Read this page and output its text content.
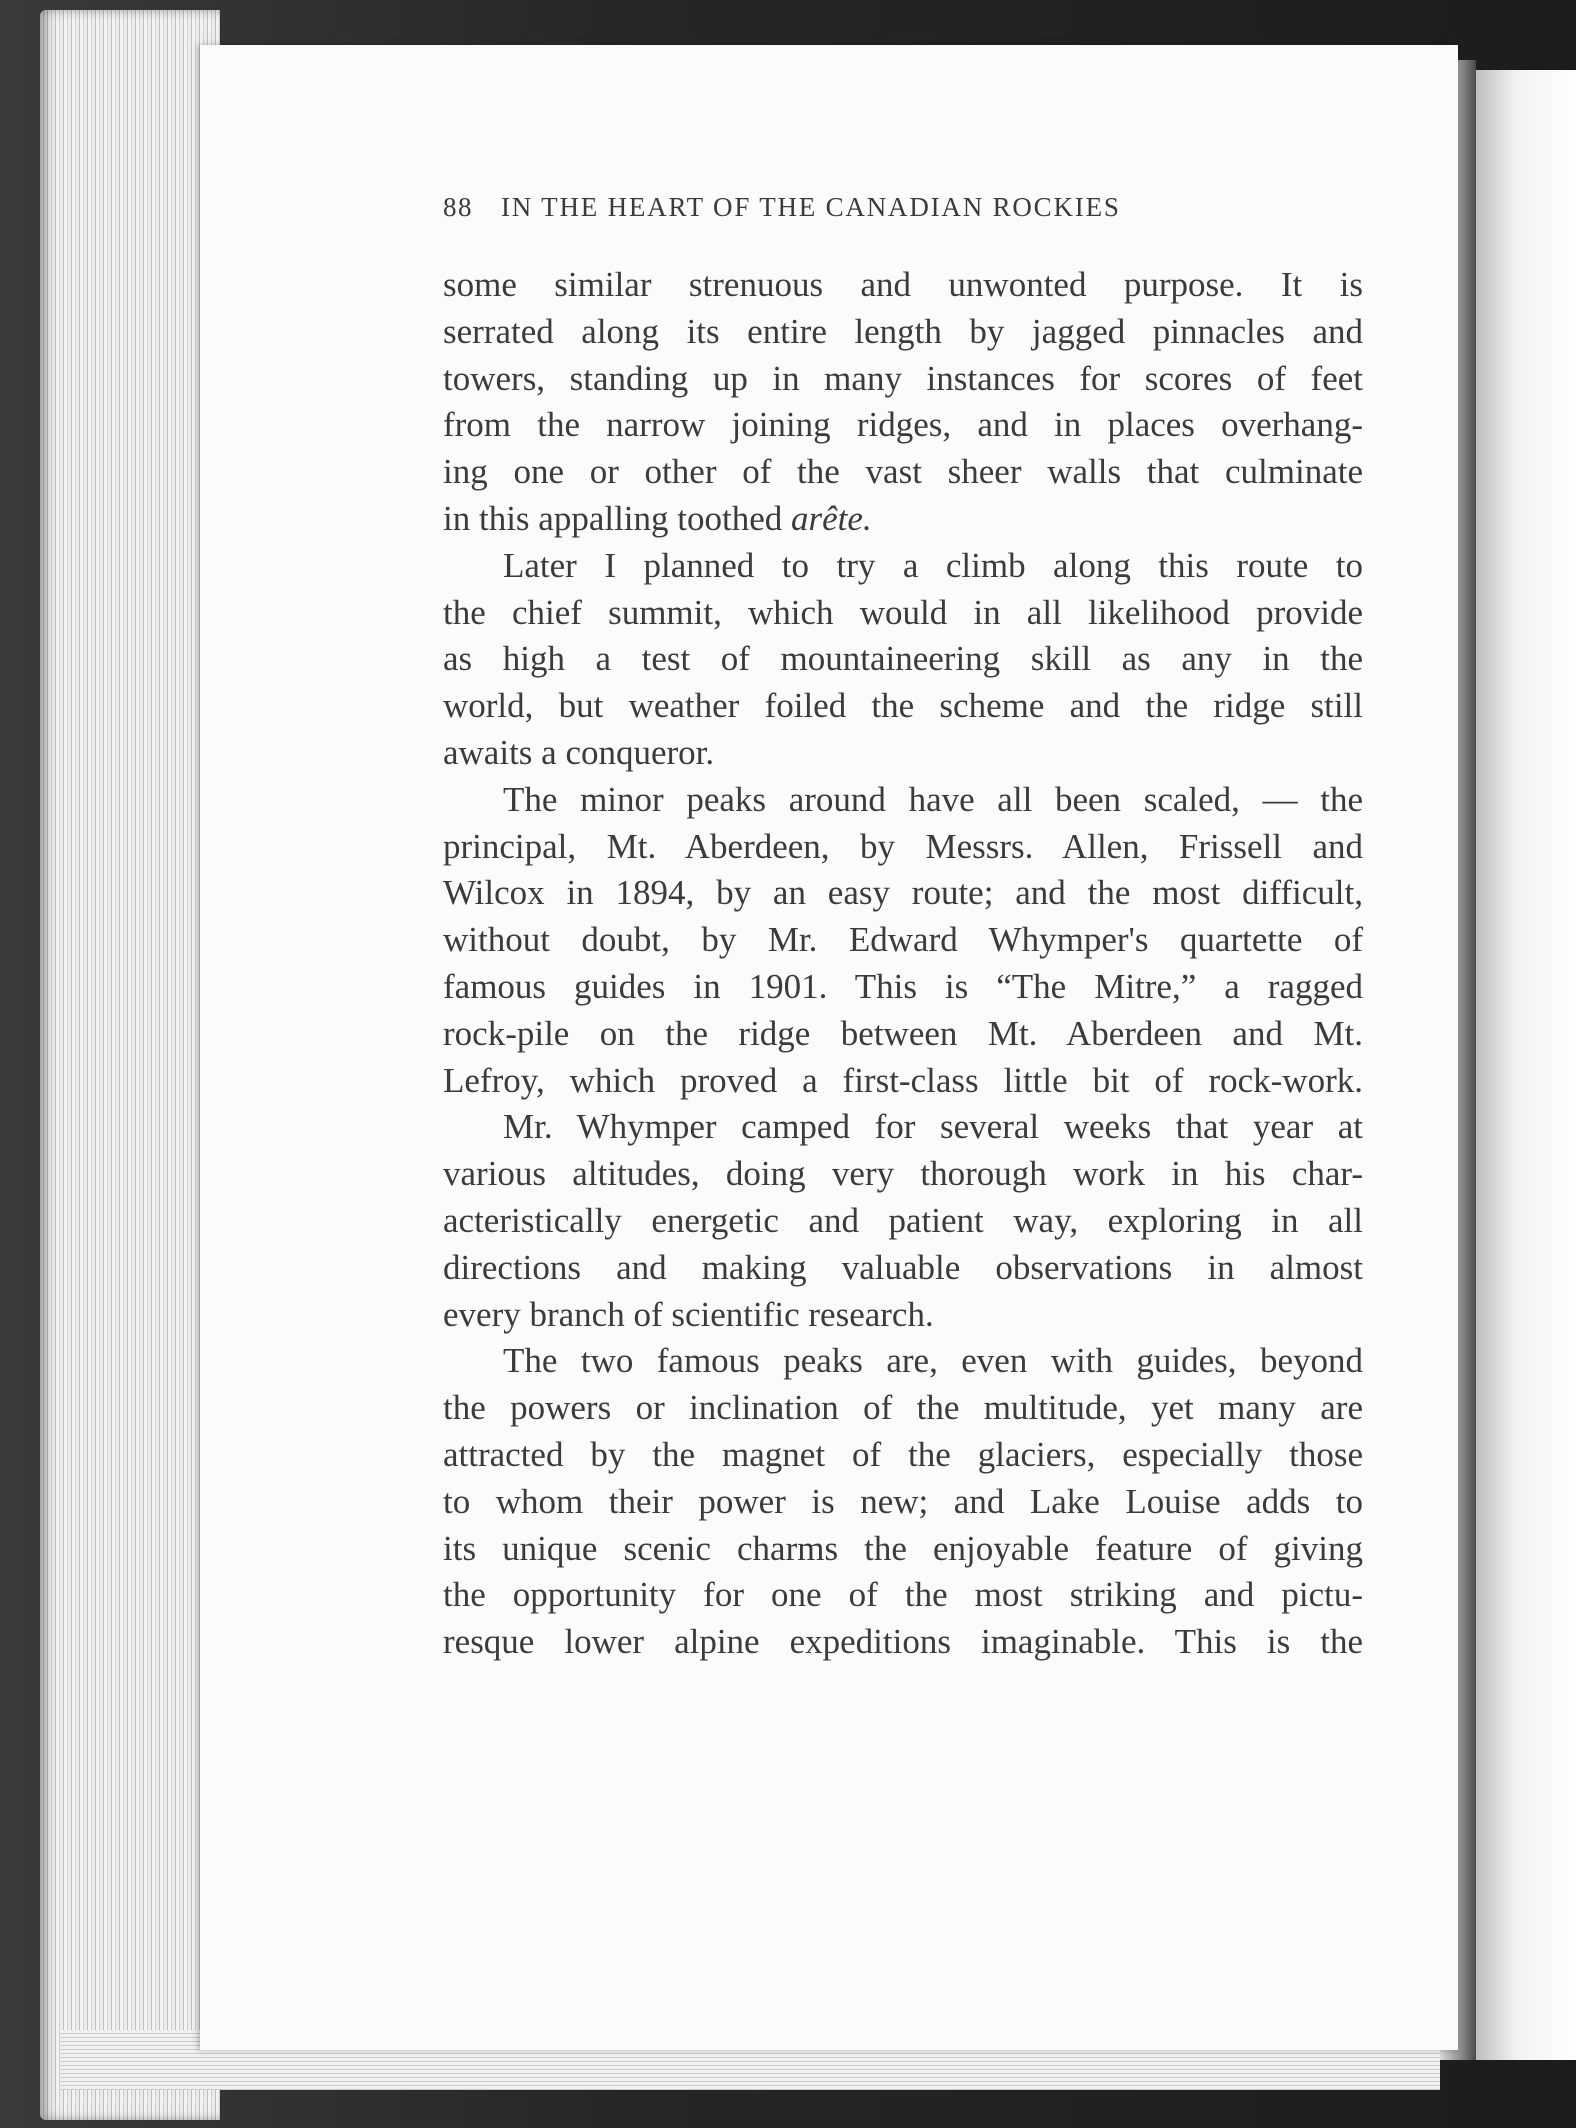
88 IN THE HEART OF THE CANADIAN ROCKIES
some similar strenuous and unwonted purpose. It is
serrated along its entire length by jagged pinnacles and
towers, standing up in many instances for scores of feet
from the narrow joining ridges, and in places overhang-
ing one or other of the vast sheer walls that culminate
in this appalling toothed arête.
Later I planned to try a climb along this route to
the chief summit, which would in all likelihood provide
as high a test of mountaineering skill as any in the
world, but weather foiled the scheme and the ridge still
awaits a conqueror.
The minor peaks around have all been scaled, — the
principal, Mt. Aberdeen, by Messrs. Allen, Frissell and
Wilcox in 1894, by an easy route; and the most difficult,
without doubt, by Mr. Edward Whymper's quartette of
famous guides in 1901. This is “The Mitre,” a ragged
rock-pile on the ridge between Mt. Aberdeen and Mt.
Lefroy, which proved a first-class little bit of rock-work.
Mr. Whymper camped for several weeks that year at
various altitudes, doing very thorough work in his char-
acteristically energetic and patient way, exploring in all
directions and making valuable observations in almost
every branch of scientific research.
The two famous peaks are, even with guides, beyond
the powers or inclination of the multitude, yet many are
attracted by the magnet of the glaciers, especially those
to whom their power is new; and Lake Louise adds to
its unique scenic charms the enjoyable feature of giving
the opportunity for one of the most striking and pictu-
resque lower alpine expeditions imaginable. This is the
